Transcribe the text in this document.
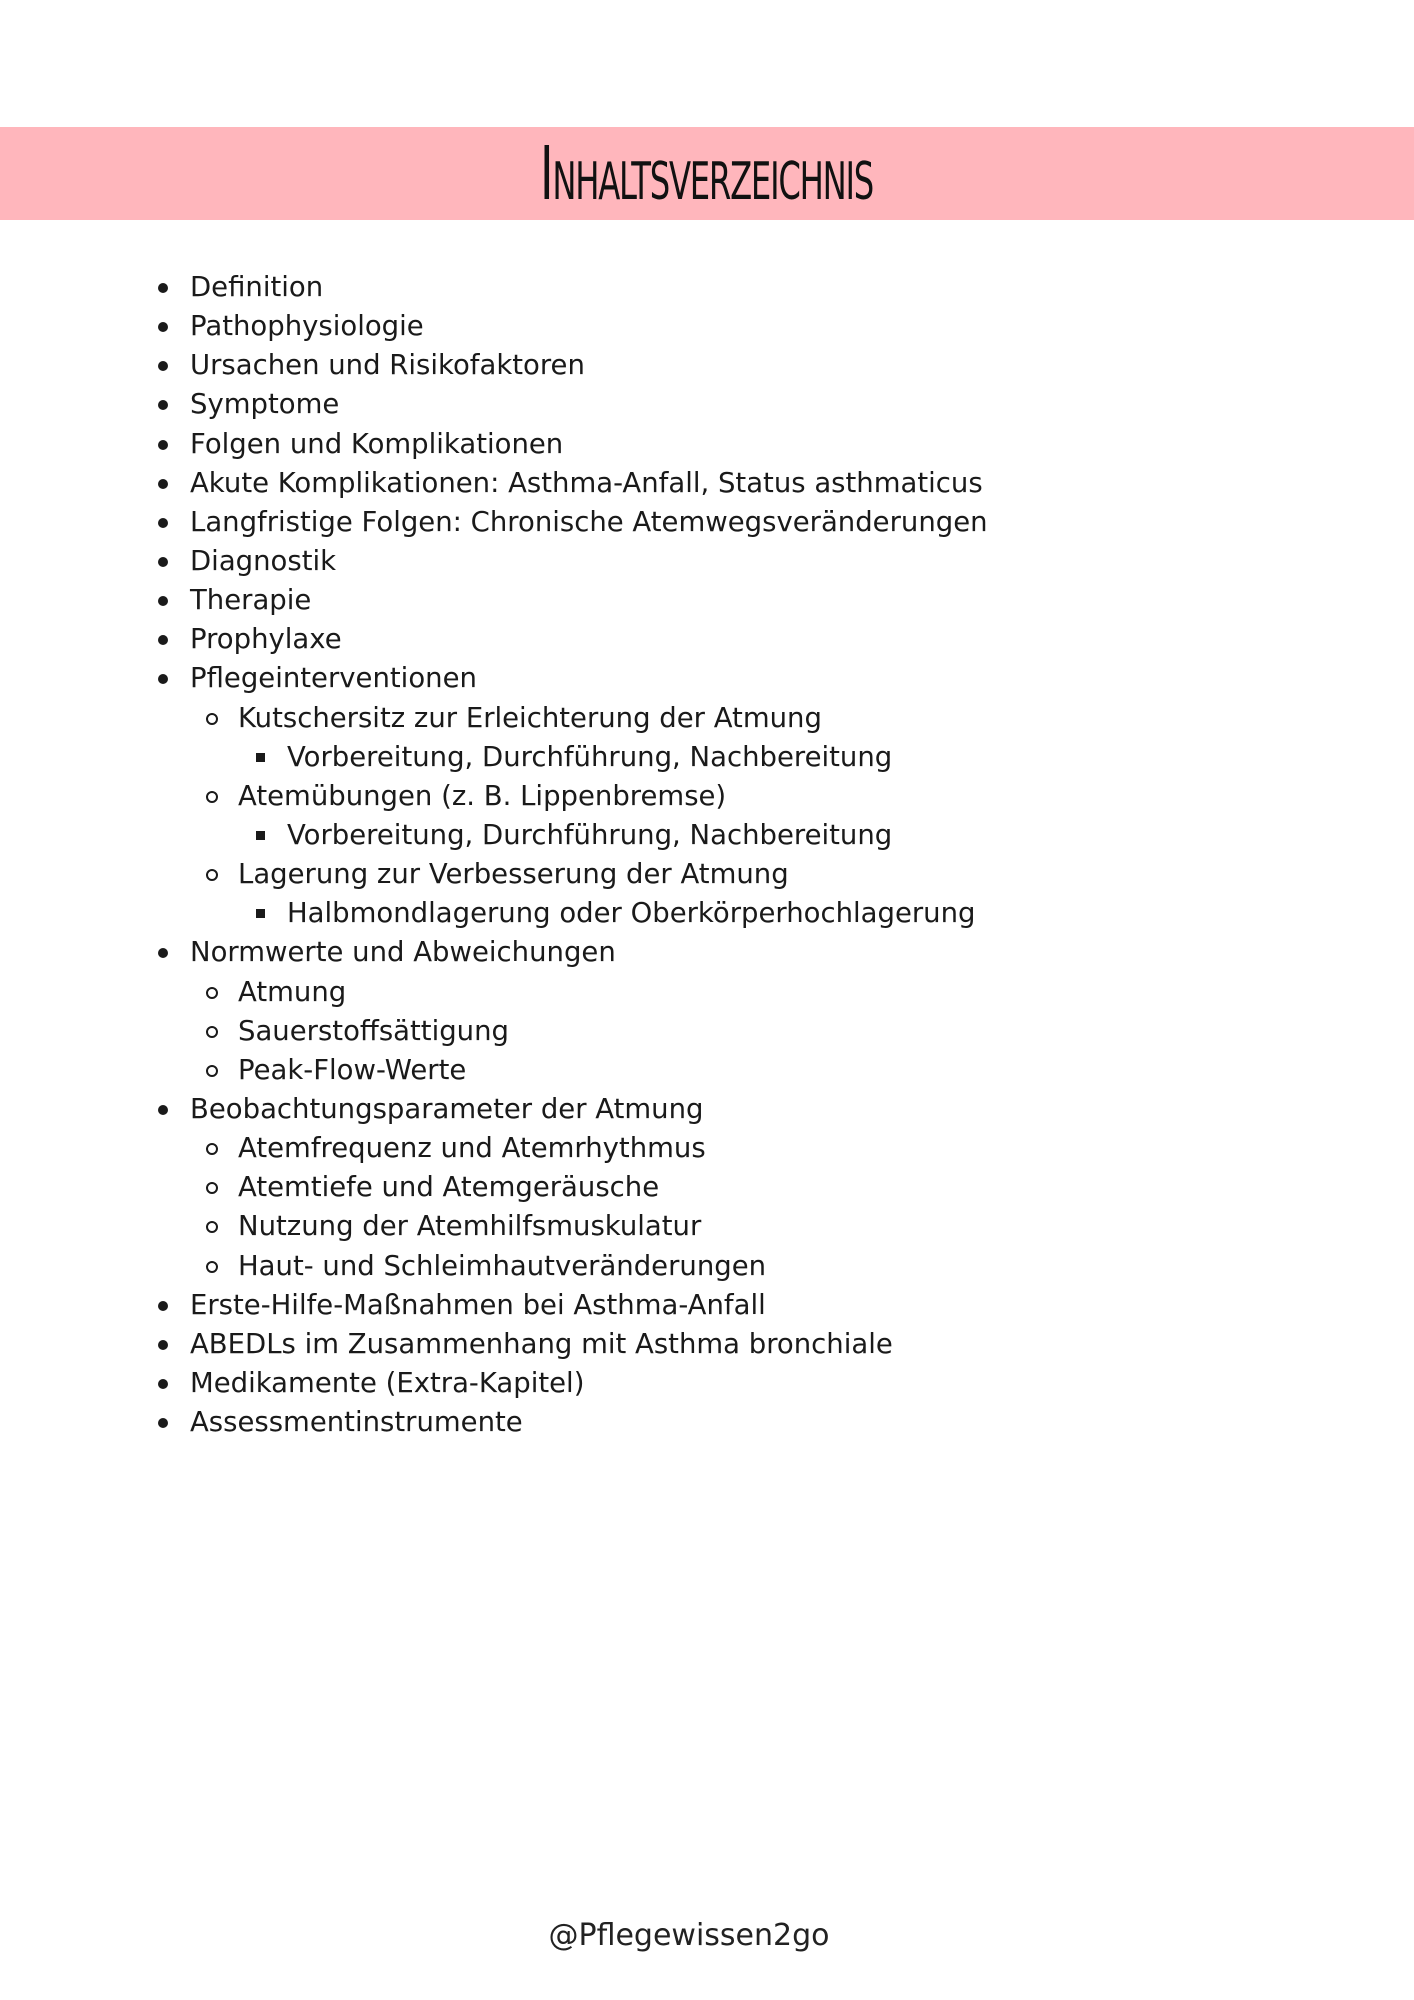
Inhaltsverzeichnis
Definition
Pathophysiologie
Ursachen und Risikofaktoren
Symptome
Folgen und Komplikationen
Akute Komplikationen: Asthma-Anfall, Status asthmaticus
Langfristige Folgen: Chronische Atemwegsveränderungen
Diagnostik
Therapie
Prophylaxe
Pflegeinterventionen
Kutschersitz zur Erleichterung der Atmung
Vorbereitung, Durchführung, Nachbereitung
Atemübungen (z. B. Lippenbremse)
Vorbereitung, Durchführung, Nachbereitung
Lagerung zur Verbesserung der Atmung
Halbmondlagerung oder Oberkörperhochlagerung
Normwerte und Abweichungen
Atmung
Sauerstoffsättigung
Peak-Flow-Werte
Beobachtungsparameter der Atmung
Atemfrequenz und Atemrhythmus
Atemtiefe und Atemgeräusche
Nutzung der Atemhilfsmuskulatur
Haut- und Schleimhautveränderungen
Erste-Hilfe-Maßnahmen bei Asthma-Anfall
ABEDLs im Zusammenhang mit Asthma bronchiale
Medikamente (Extra-Kapitel)
Assessmentinstrumente
@Pflegewissen2go
